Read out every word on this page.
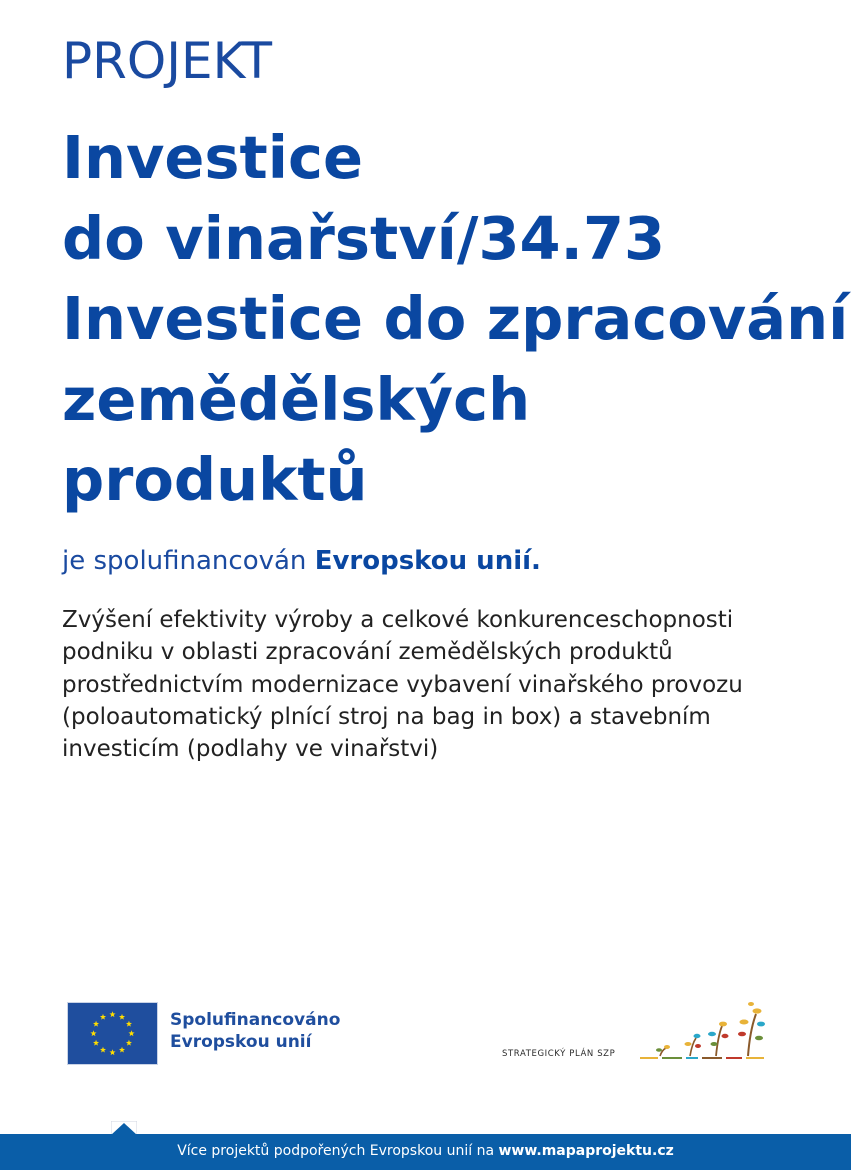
PROJEKT
Investice
do vinařství/34.73
Investice do zpracování
zemědělských
produktů
je spolufinancován Evropskou unií.
Zvýšení efektivity výroby a celkové konkurenceschopnosti
podniku v oblasti zpracování zemědělských produktů
prostřednictvím modernizace vybavení vinařského provozu
(poloautomatický plnící stroj na bag in box) a stavebním
investicím (podlahy ve vinařstvi)
Spolufinancováno
Evropskou unií
STRATEGICKÝ PLÁN SZP
Více projektů podpořených Evropskou unií na www.mapaprojektu.cz
